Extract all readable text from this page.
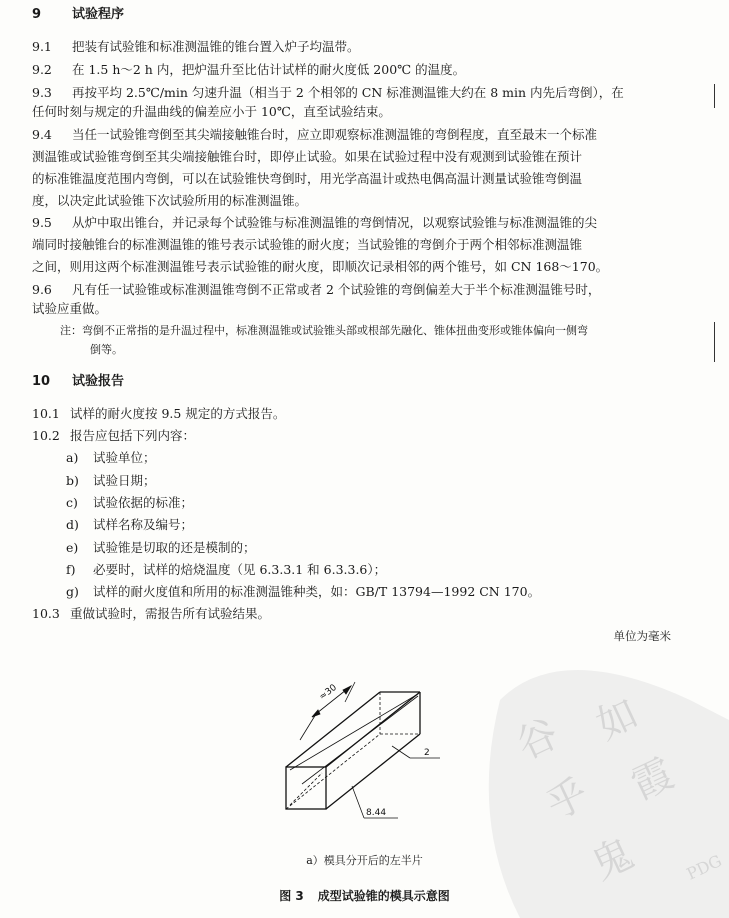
9 试验程序
9.1 把装有试验锥和标准测温锥的锥台置入炉子均温带。
9.2 在 1.5 h～2 h 内，把炉温升至比估计试样的耐火度低 200℃ 的温度。
9.3 再按平均 2.5℃/min 匀速升温（相当于 2 个相邻的 CN 标准测温锥大约在 8 min 内先后弯倒），在
任何时刻与规定的升温曲线的偏差应小于 10℃，直至试验结束。
9.4 当任一试验锥弯倒至其尖端接触锥台时，应立即观察标准测温锥的弯倒程度，直至最末一个标准
测温锥或试验锥弯倒至其尖端接触锥台时，即停止试验。如果在试验过程中没有观测到试验锥在预计
的标准锥温度范围内弯倒，可以在试验锥快弯倒时，用光学高温计或热电偶高温计测量试验锥弯倒温
度，以决定此试验锥下次试验所用的标准测温锥。
9.5 从炉中取出锥台，并记录每个试验锥与标准测温锥的弯倒情况，以观察试验锥与标准测温锥的尖
端同时接触锥台的标准测温锥的锥号表示试验锥的耐火度；当试验锥的弯倒介于两个相邻标准测温锥
之间，则用这两个标准测温锥号表示试验锥的耐火度，即顺次记录相邻的两个锥号，如 CN 168～170。
9.6 凡有任一试验锥或标准测温锥弯倒不正常或者 2 个试验锥的弯倒偏差大于半个标准测温锥号时，
试验应重做。
注：弯倒不正常指的是升温过程中，标准测温锥或试验锥头部或根部先融化、锥体扭曲变形或锥体偏向一侧弯
倒等。
10 试验报告
10.1 试样的耐火度按 9.5 规定的方式报告。
10.2 报告应包括下列内容：
a) 试验单位；
b) 试验日期；
c) 试验依据的标准；
d) 试样名称及编号；
e) 试验锥是切取的还是模制的；
f) 必要时，试样的焙烧温度（见 6.3.3.1 和 6.3.3.6）；
g) 试样的耐火度值和所用的标准测温锥种类，如：GB/T 13794—1992 CN 170。
10.3 重做试验时，需报告所有试验结果。
单位为毫米
谷 如
乎 霞
鬼	PDG
≈30
2
8.44
a）模具分开后的左半片
图 3 成型试验锥的模具示意图
